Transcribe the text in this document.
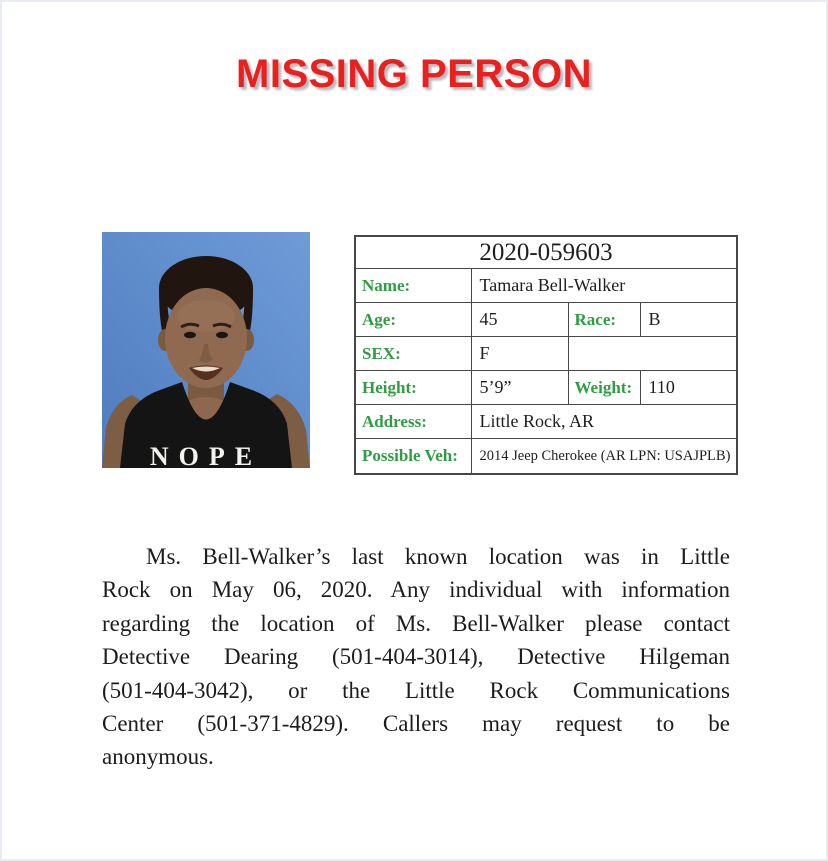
MISSING PERSON
NOPE
2020-059603			
Name:	Tamara Bell-Walker		
Age:	45	Race:	B
SEX:	F		
Height:	5’9”	Weight:	110
Address:	Little Rock, AR		
Possible Veh:	2014 Jeep Cherokee (AR LPN: USAJPLB)		
Ms. Bell-Walker’s last known location was in Little
Rock on May 06, 2020. Any individual with information
regarding the location of Ms. Bell-Walker please contact
Detective Dearing (501-404-3014), Detective Hilgeman
(501-404-3042), or the Little Rock Communications
Center (501-371-4829). Callers may request to be
anonymous.
